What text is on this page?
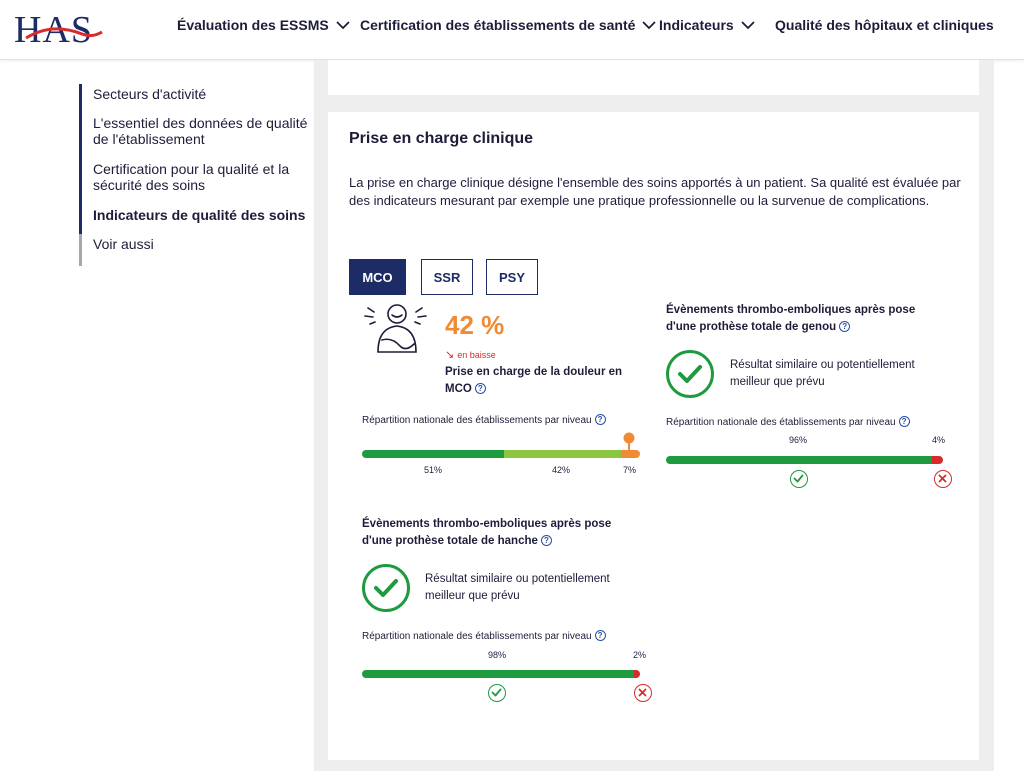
HAS	Évaluation des ESSMS Certification des établissements de santé Indicateurs	Qualité des hôpitaux et cliniques
Secteurs d'activité
L'essentiel des données de qualité de l'établissement
Certification pour la qualité et la sécurité des soins
Indicateurs de qualité des soins
Voir aussi
Prise en charge clinique
La prise en charge clinique désigne l'ensemble des soins apportés à un patient. Sa qualité est évaluée par des indicateurs mesurant par exemple une pratique professionnelle ou la survenue de complications.
MCO	SSR	PSY
42 %
↘ en baisse
Prise en charge de la douleur en MCO ?
Répartition nationale des établissements par niveau ?
51%	42%	7%
Évènements thrombo-emboliques après pose d'une prothèse totale de genou ?
Résultat similaire ou potentiellement meilleur que prévu
Répartition nationale des établissements par niveau ?
96%	4%
Évènements thrombo-emboliques après pose d'une prothèse totale de hanche ?
Résultat similaire ou potentiellement meilleur que prévu
Répartition nationale des établissements par niveau ?
98%	2%
